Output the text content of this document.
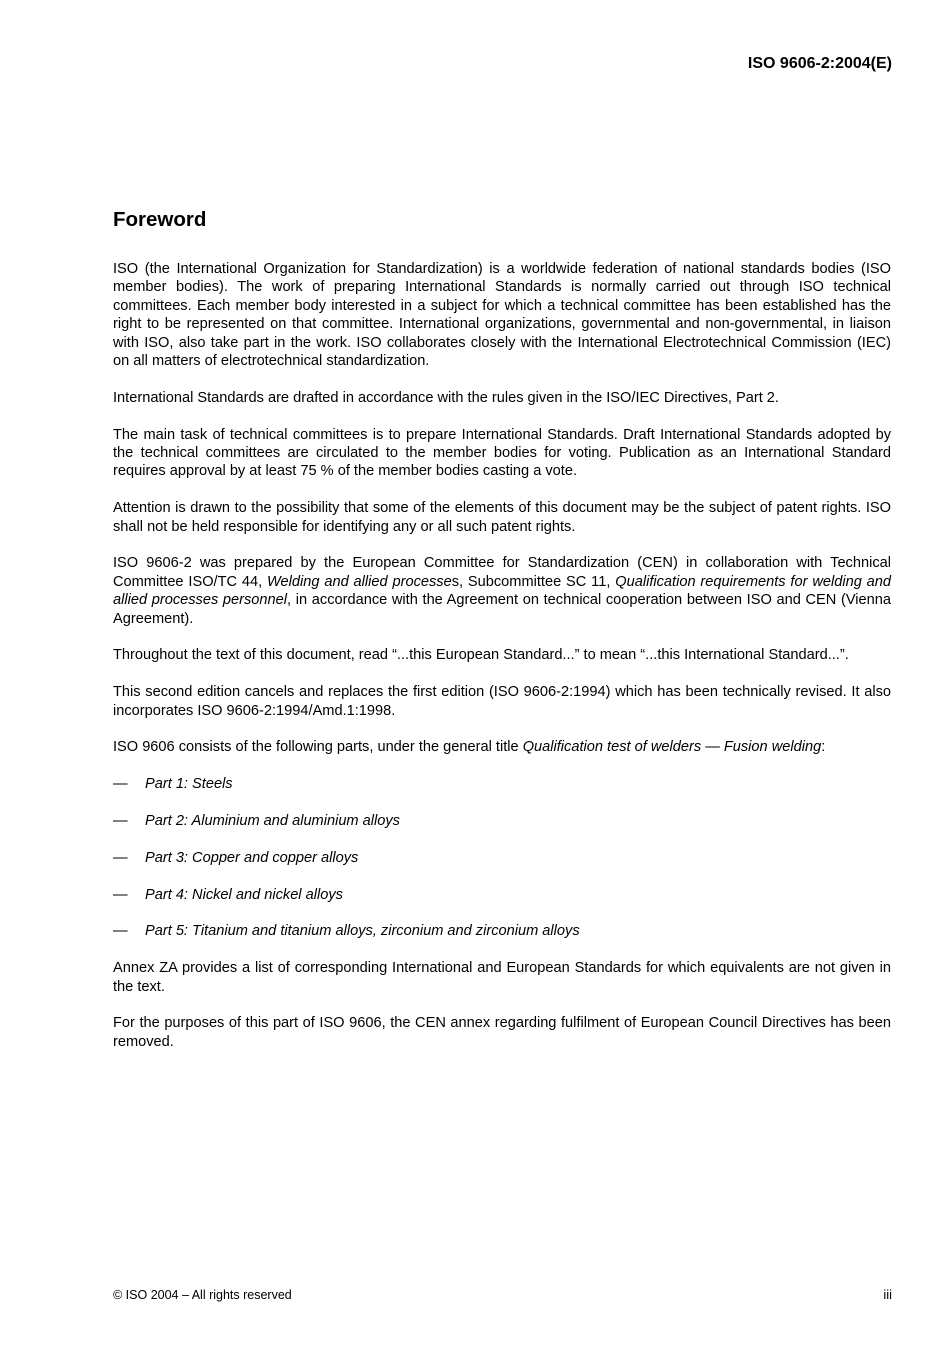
ISO 9606-2:2004(E)
Foreword

ISO (the International Organization for Standardization) is a worldwide federation of national standards bodies (ISO member bodies). The work of preparing International Standards is normally carried out through ISO technical committees. Each member body interested in a subject for which a technical committee has been established has the right to be represented on that committee. International organizations, governmental and non-governmental, in liaison with ISO, also take part in the work. ISO collaborates closely with the International Electrotechnical Commission (IEC) on all matters of electrotechnical standardization.

International Standards are drafted in accordance with the rules given in the ISO/IEC Directives, Part 2.

The main task of technical committees is to prepare International Standards. Draft International Standards adopted by the technical committees are circulated to the member bodies for voting. Publication as an International Standard requires approval by at least 75 % of the member bodies casting a vote.

Attention is drawn to the possibility that some of the elements of this document may be the subject of patent rights. ISO shall not be held responsible for identifying any or all such patent rights.

ISO 9606-2 was prepared by the European Committee for Standardization (CEN) in collaboration with Technical Committee ISO/TC 44, Welding and allied processes, Subcommittee SC 11, Qualification requirements for welding and allied processes personnel, in accordance with the Agreement on technical cooperation between ISO and CEN (Vienna Agreement).

Throughout the text of this document, read “...this European Standard...” to mean “...this International Standard...”.

This second edition cancels and replaces the first edition (ISO 9606-2:1994) which has been technically revised. It also incorporates ISO 9606-2:1994/Amd.1:1998.

ISO 9606 consists of the following parts, under the general title Qualification test of welders — Fusion welding:

—	Part 1: Steels

—	Part 2: Aluminium and aluminium alloys

—	Part 3: Copper and copper alloys

—	Part 4: Nickel and nickel alloys

—	Part 5: Titanium and titanium alloys, zirconium and zirconium alloys

Annex ZA provides a list of corresponding International and European Standards for which equivalents are not given in the text.

For the purposes of this part of ISO 9606, the CEN annex regarding fulfilment of European Council Directives has been removed.

© ISO 2004 – All rights reserved	iii
